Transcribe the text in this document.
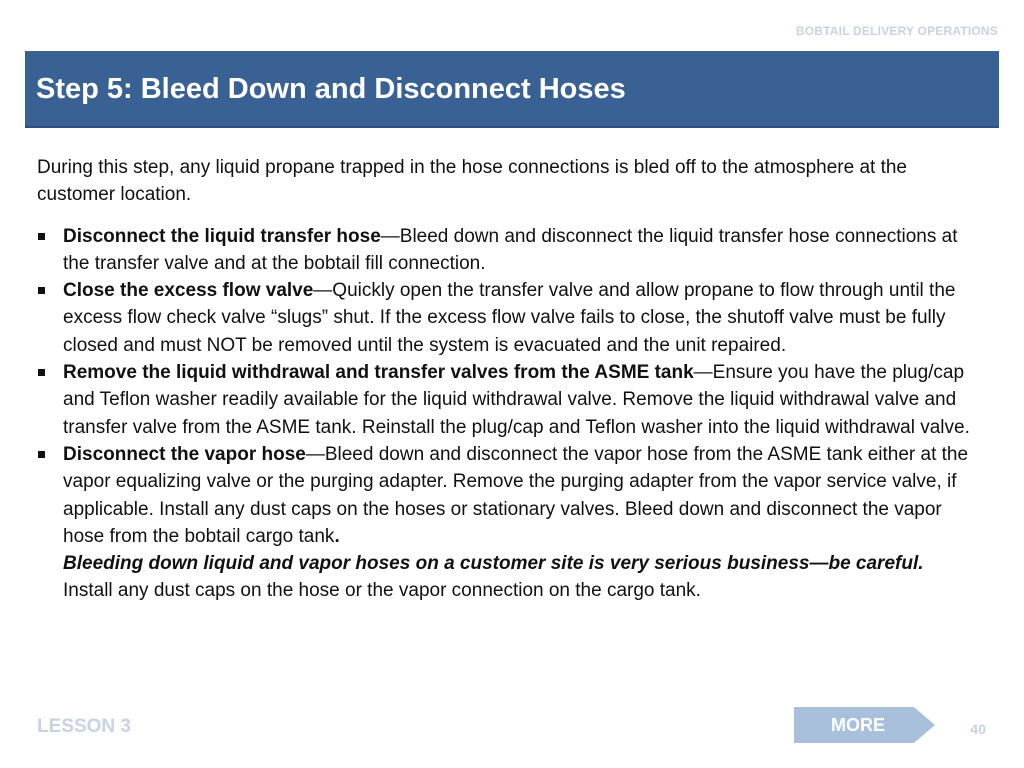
BOBTAIL DELIVERY OPERATIONS
Step 5: Bleed Down and Disconnect Hoses

During this step, any liquid propane trapped in the hose connections is bled off to the atmosphere at the customer location.

Disconnect the liquid transfer hose—Bleed down and disconnect the liquid transfer hose connections at the transfer valve and at the bobtail fill connection.
Close the excess flow valve—Quickly open the transfer valve and allow propane to flow through until the excess flow check valve “slugs” shut. If the excess flow valve fails to close, the shutoff valve must be fully closed and must NOT be removed until the system is evacuated and the unit repaired.
Remove the liquid withdrawal and transfer valves from the ASME tank—Ensure you have the plug/cap and Teflon washer readily available for the liquid withdrawal valve. Remove the liquid withdrawal valve and transfer valve from the ASME tank. Reinstall the plug/cap and Teflon washer into the liquid withdrawal valve.
Disconnect the vapor hose—Bleed down and disconnect the vapor hose from the ASME tank either at the vapor equalizing valve or the purging adapter. Remove the purging adapter from the vapor service valve, if applicable. Install any dust caps on the hoses or stationary valves. Bleed down and disconnect the vapor hose from the bobtail cargo tank.
Bleeding down liquid and vapor hoses on a customer site is very serious business—be careful. Install any dust caps on the hose or the vapor connection on the cargo tank.
LESSON 3	MORE	40
